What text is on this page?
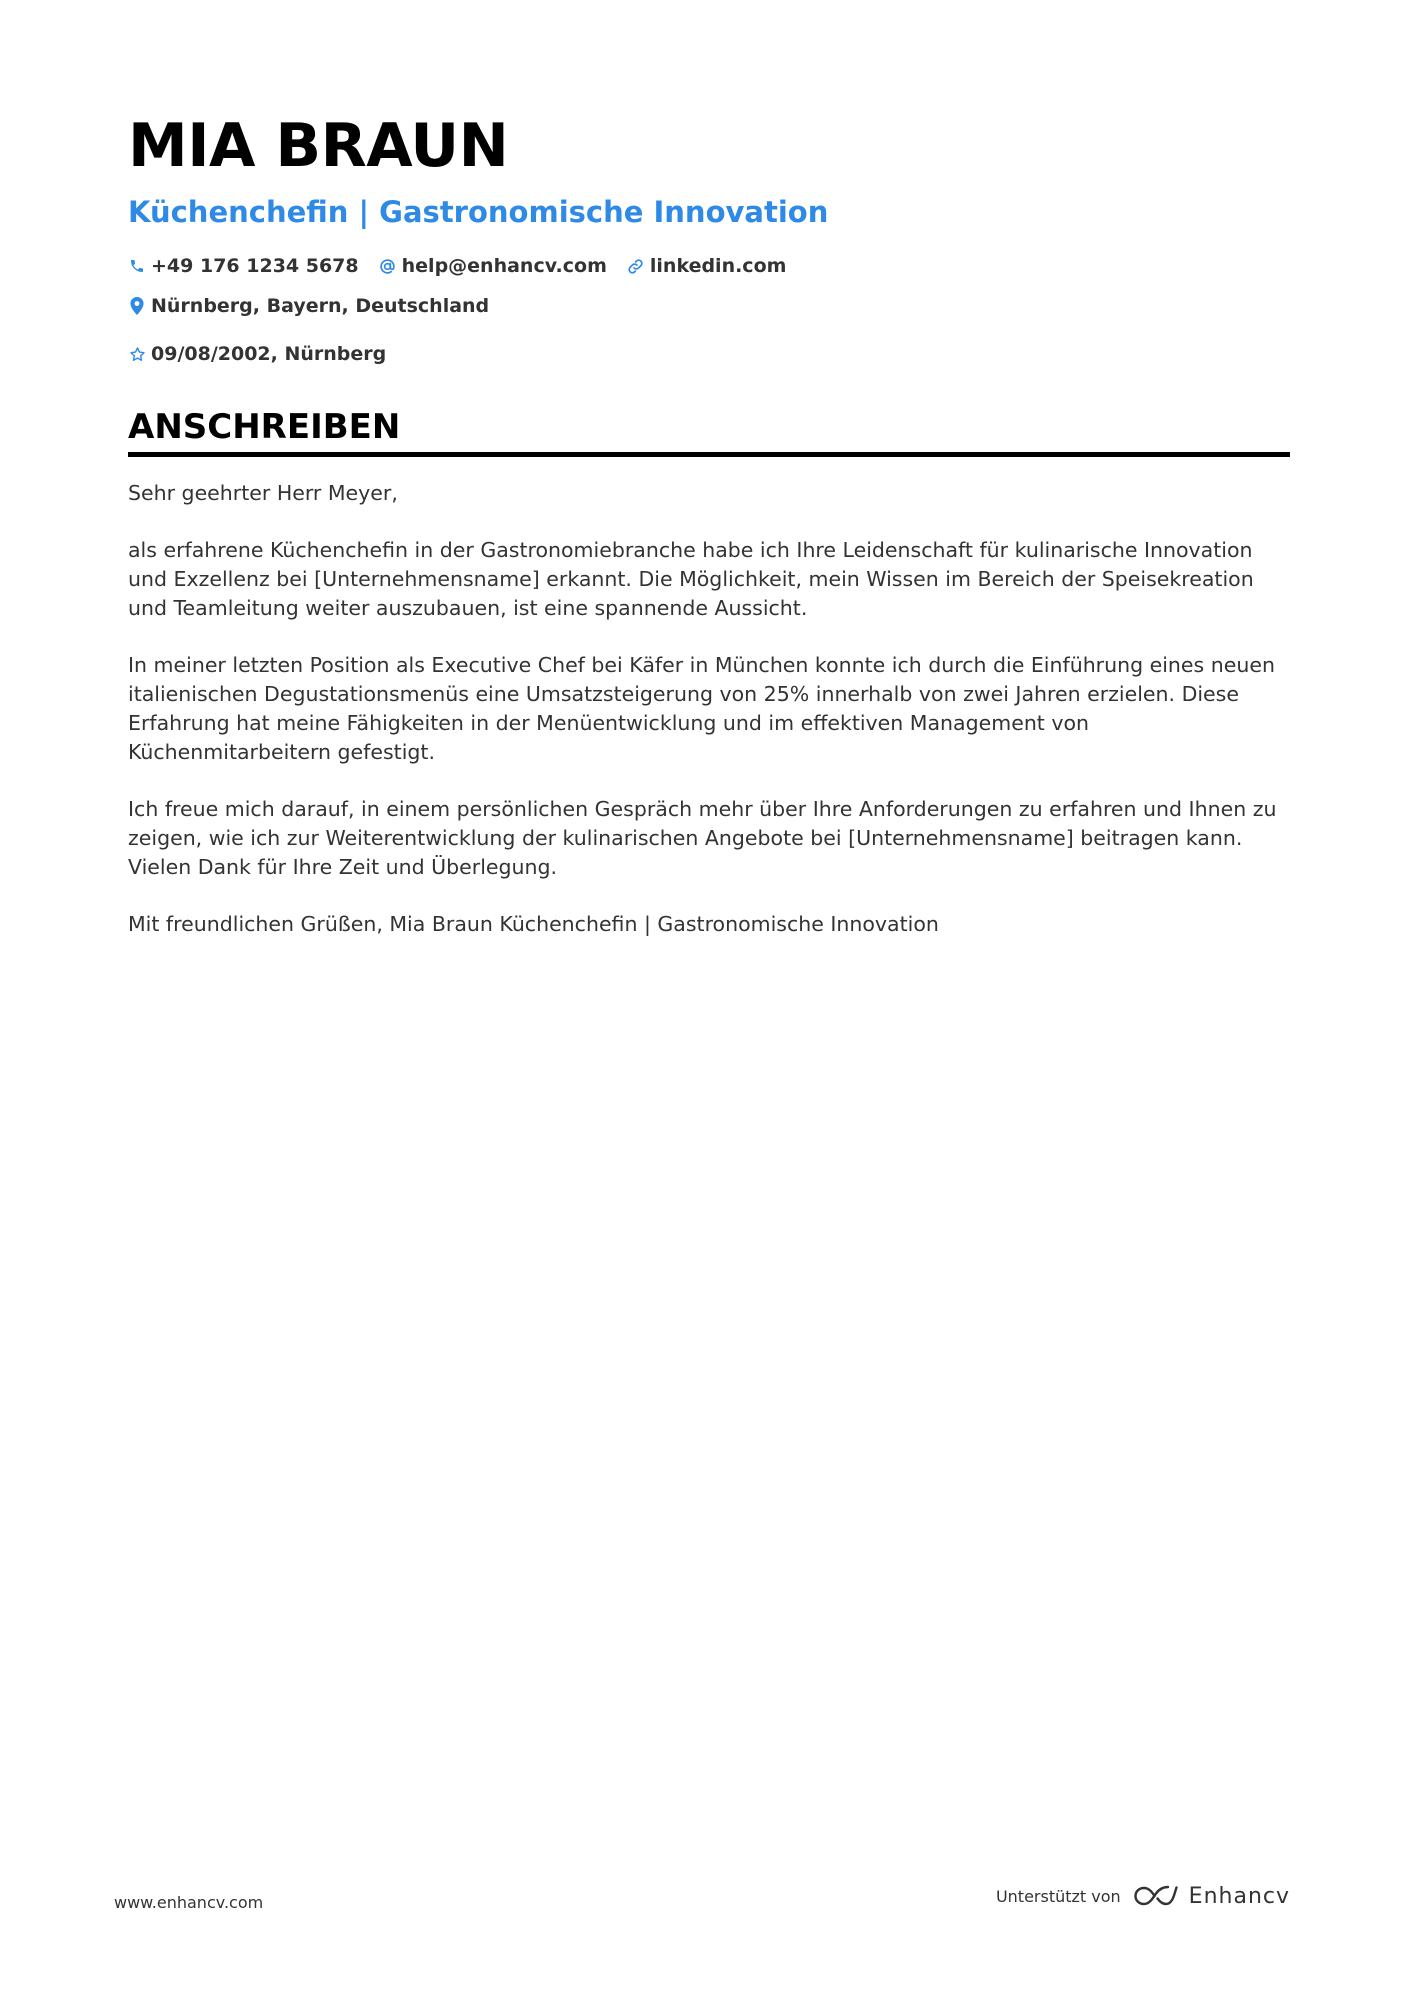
MIA BRAUN
Küchenchefin | Gastronomische Innovation
+49 176 1234 5678 help@enhancv.com linkedin.com
Nürnberg, Bayern, Deutschland
09/08/2002, Nürnberg
ANSCHREIBEN

Sehr geehrter Herr Meyer,

als erfahrene Küchenchefin in der Gastronomiebranche habe ich Ihre Leidenschaft für kulinarische Innovation und Exzellenz bei [Unternehmensname] erkannt. Die Möglichkeit, mein Wissen im Bereich der Speisekreation und Teamleitung weiter auszubauen, ist eine spannende Aussicht.

In meiner letzten Position als Executive Chef bei Käfer in München konnte ich durch die Einführung eines neuen italienischen Degustationsmenüs eine Umsatzsteigerung von 25% innerhalb von zwei Jahren erzielen. Diese Erfahrung hat meine Fähigkeiten in der Menüentwicklung und im effektiven Management von Küchenmitarbeitern gefestigt.

Ich freue mich darauf, in einem persönlichen Gespräch mehr über Ihre Anforderungen zu erfahren und Ihnen zu zeigen, wie ich zur Weiterentwicklung der kulinarischen Angebote bei [Unternehmensname] beitragen kann. Vielen Dank für Ihre Zeit und Überlegung.

Mit freundlichen Grüßen, Mia Braun Küchenchefin | Gastronomische Innovation

www.enhancv.com	Unterstützt von	Enhancv
